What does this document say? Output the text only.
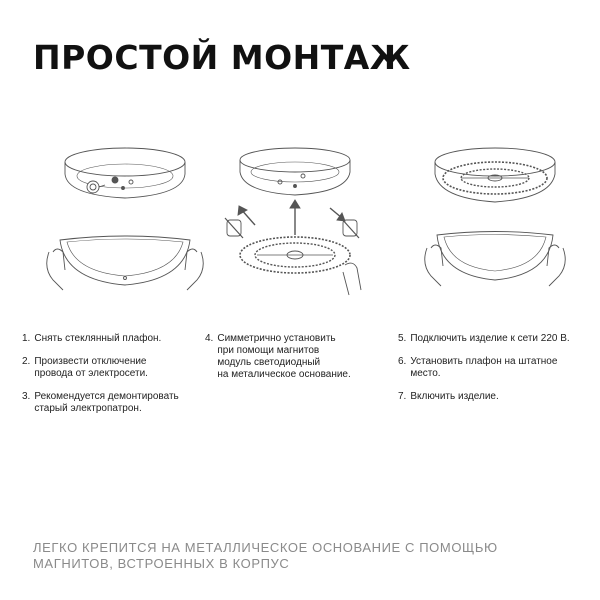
ПРОСТОЙ МОНТАЖ
1. Снять стеклянный плафон.
2. Произвести отключение
провода от электросети.
3. Рекомендуется демонтировать
старый электропатрон.
4. Симметрично установить
при помощи магнитов
модуль светодиодный
на металическое основание.
5. Подключить изделие к сети 220 В.
6. Установить плафон на штатное
место.
7. Включить изделие.

ЛЕГКО КРЕПИТСЯ НА МЕТАЛЛИЧЕСКОЕ ОСНОВАНИЕ С ПОМОЩЬЮ
МАГНИТОВ, ВСТРОЕННЫХ В КОРПУС
